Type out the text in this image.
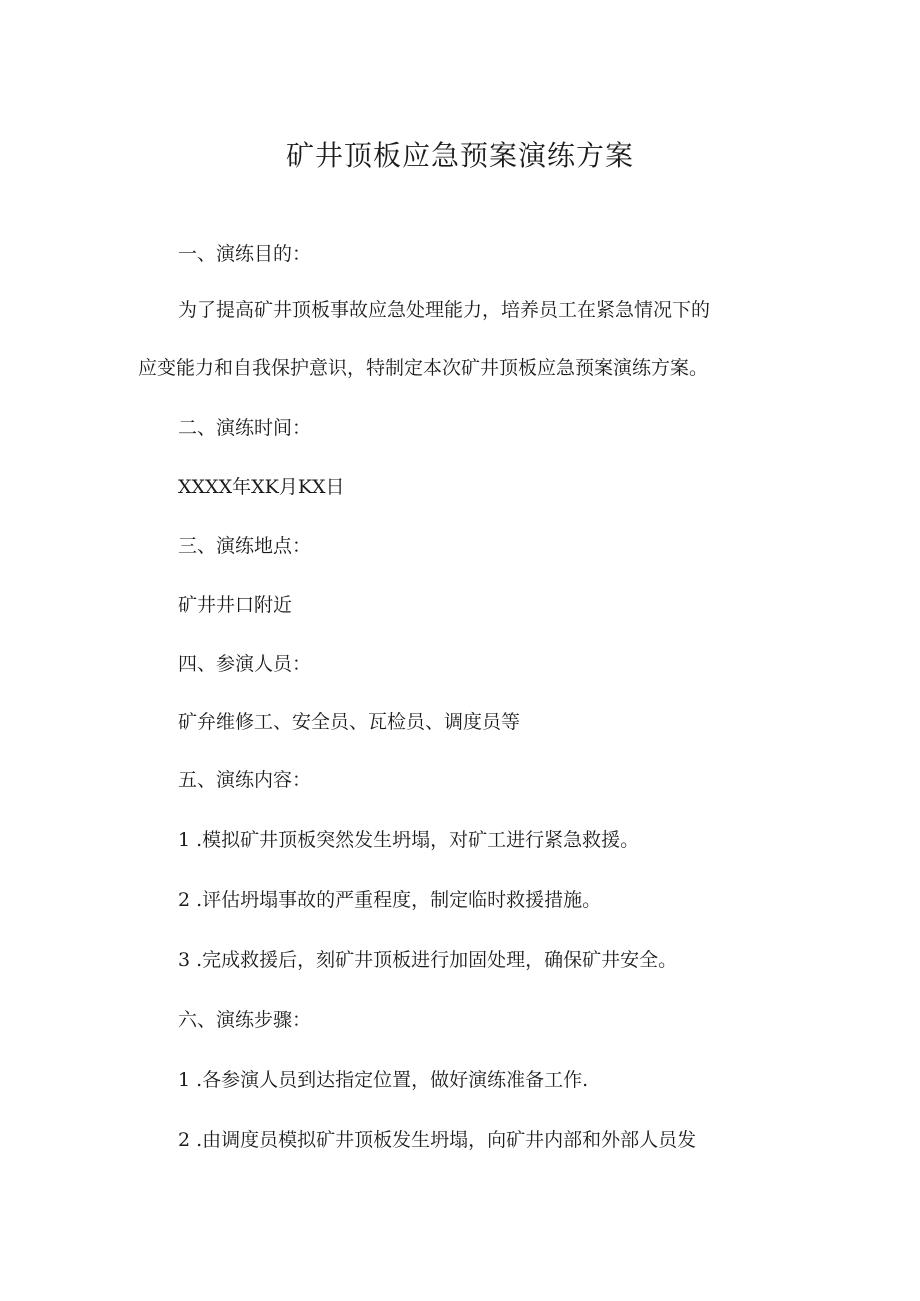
矿井顶板应急预案演练方案
一、演练目的：
为了提高矿井顶板事故应急处理能力，培养员工在紧急情况下的
应变能力和自我保护意识，特制定本次矿井顶板应急预案演练方案。
二、演练时间：
XXXX年XK月KX日
三、演练地点：
矿井井口附近
四、参演人员：
矿弁维修工、安全员、瓦检员、调度员等
五、演练内容：
1 .模拟矿井顶板突然发生坍塌，对矿工进行紧急救援。
2 .评估坍塌事故的严重程度，制定临时救援措施。
3 .完成救援后，刻矿井顶板进行加固处理，确保矿井安全。
六、演练步骤：
1 .各参演人员到达指定位置，做好演练准备工作.
2 .由调度员模拟矿井顶板发生坍塌，向矿井内部和外部人员发
